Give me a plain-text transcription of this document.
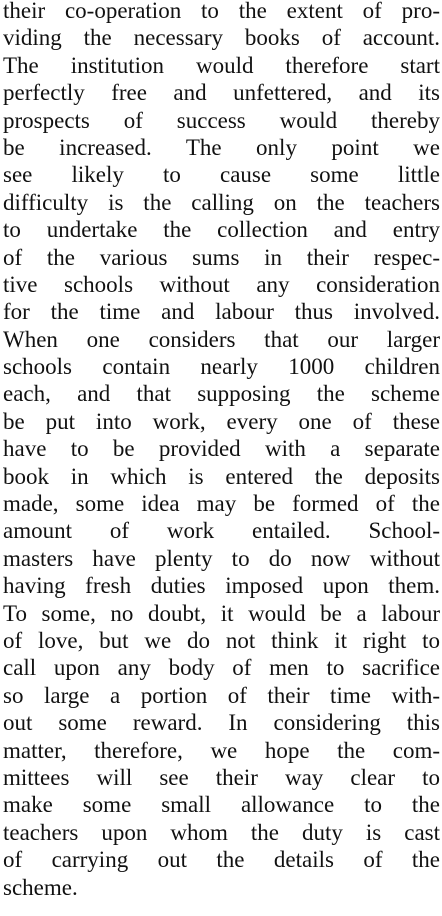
their co-operation to the extent of pro-
viding the necessary books of account.
The institution would therefore start
perfectly free and unfettered, and its
prospects of success would thereby
be increased. The only point we
see likely to cause some little
difficulty is the calling on the teachers
to undertake the collection and entry
of the various sums in their respec-
tive schools without any consideration
for the time and labour thus involved.
When one considers that our larger
schools contain nearly 1000 children
each, and that supposing the scheme
be put into work, every one of these
have to be provided with a separate
book in which is entered the deposits
made, some idea may be formed of the
amount of work entailed. School-
masters have plenty to do now without
having fresh duties imposed upon them.
To some, no doubt, it would be a labour
of love, but we do not think it right to
call upon any body of men to sacrifice
so large a portion of their time with-
out some reward. In considering this
matter, therefore, we hope the com-
mittees will see their way clear to
make some small allowance to the
teachers upon whom the duty is cast
of carrying out the details of the
scheme.
